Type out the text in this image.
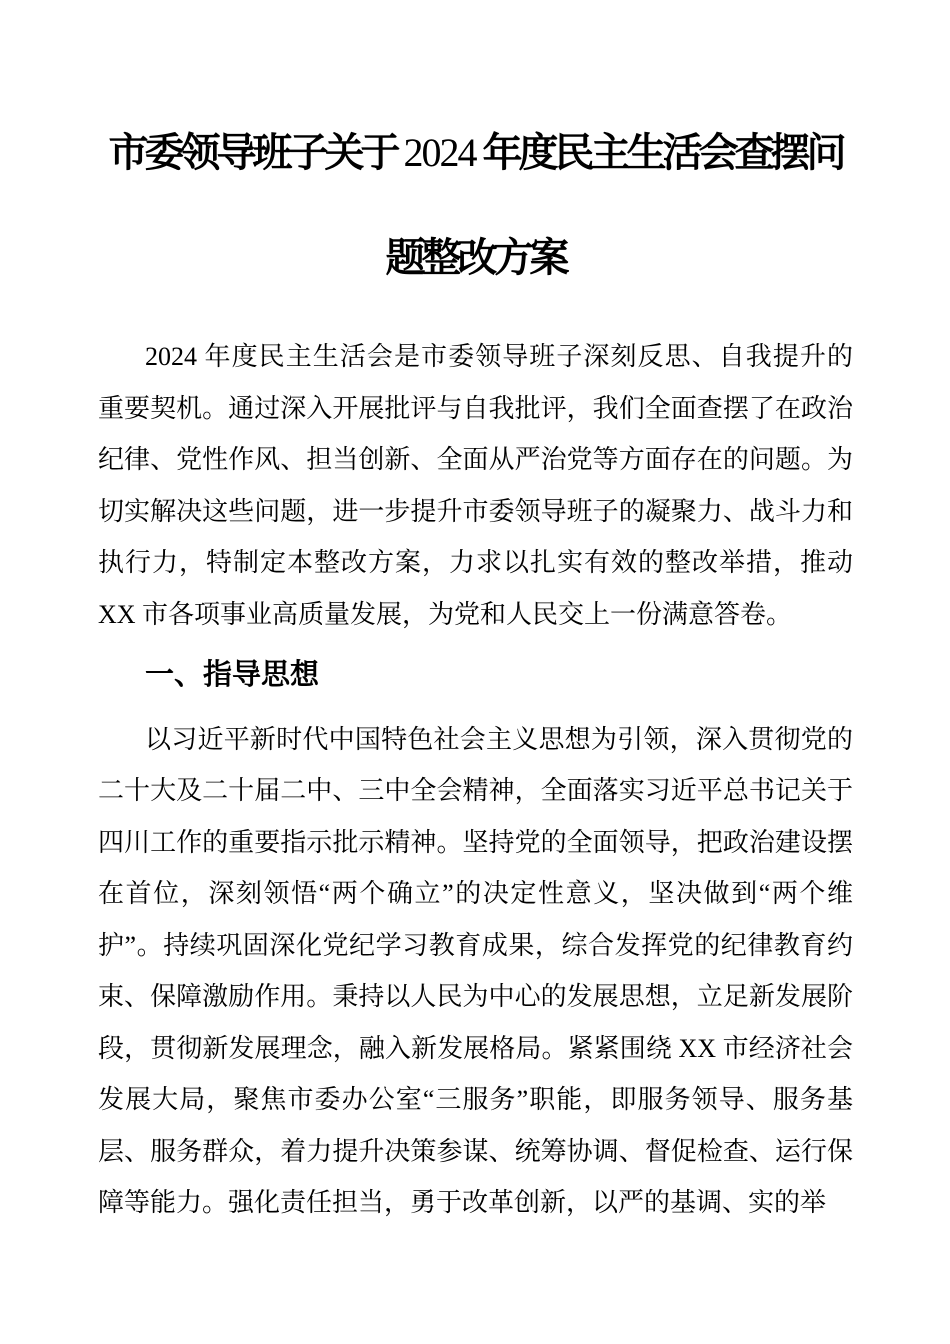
市委领导班子关于 2024 年度民主生活会查摆问
题整改方案

2024 年度民主生活会是市委领导班子深刻反思、自我提升的重要契机。通过深入开展批评与自我批评，我们全面查摆了在政治纪律、党性作风、担当创新、全面从严治党等方面存在的问题。为切实解决这些问题，进一步提升市委领导班子的凝聚力、战斗力和执行力，特制定本整改方案，力求以扎实有效的整改举措，推动 XX 市各项事业高质量发展，为党和人民交上一份满意答卷。

一、指导思想

以习近平新时代中国特色社会主义思想为引领，深入贯彻党的二十大及二十届二中、三中全会精神，全面落实习近平总书记关于四川工作的重要指示批示精神。坚持党的全面领导，把政治建设摆在首位，深刻领悟“两个确立”的决定性意义，坚决做到“两个维护”。持续巩固深化党纪学习教育成果，综合发挥党的纪律教育约束、保障激励作用。秉持以人民为中心的发展思想，立足新发展阶段，贯彻新发展理念，融入新发展格局。紧紧围绕 XX 市经济社会发展大局，聚焦市委办公室“三服务”职能，即服务领导、服务基层、服务群众，着力提升决策参谋、统筹协调、督促检查、运行保障等能力。强化责任担当，勇于改革创新，以严的基调、实的举
